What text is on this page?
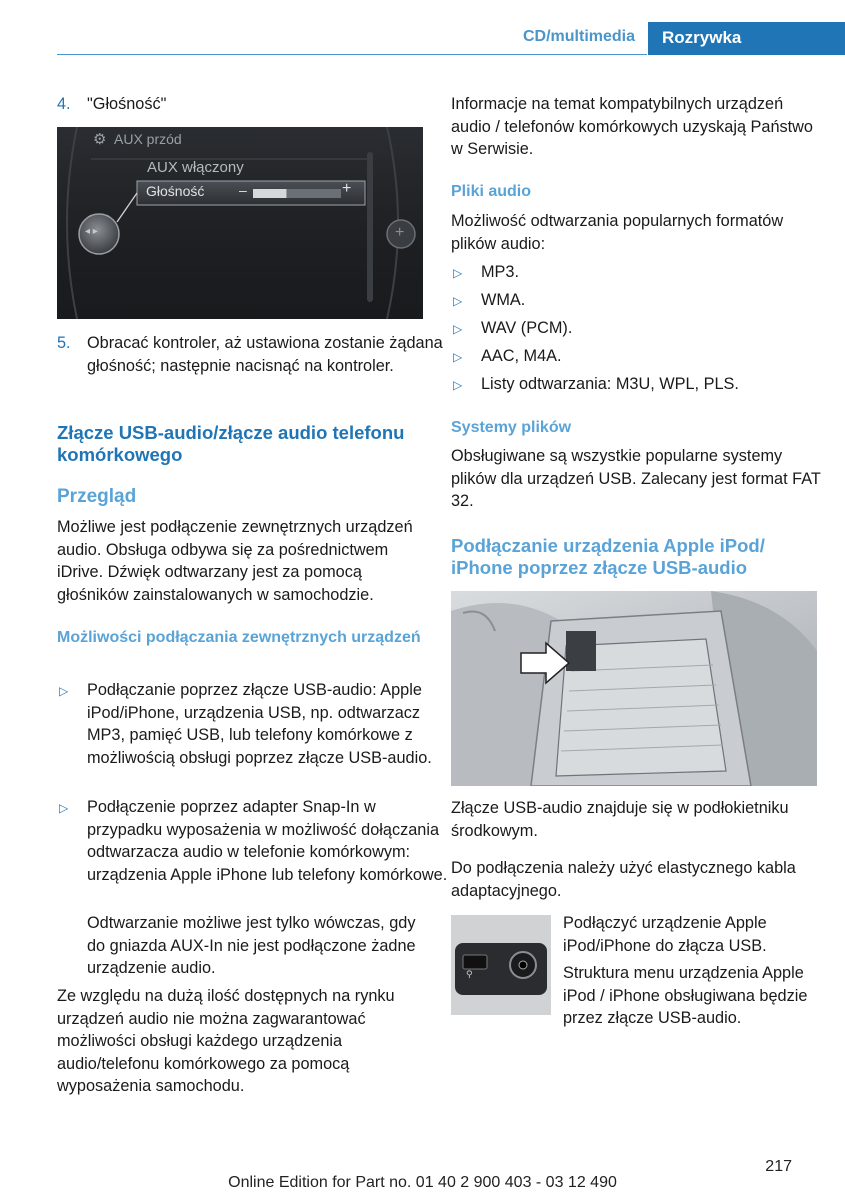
CD/multimedia	Rozrywka
4. "Głośność"
⚙ AUX przód
AUX włączony
Głośność –	+
◂ ▸	+
5. Obracać kontroler, aż ustawiona zostanie żądana głośność; następnie nacisnąć na kontroler.
Złącze USB-audio/złącze audio telefonu komórkowego
Przegląd

Możliwe jest podłączenie zewnętrznych urządzeń audio. Obsługa odbywa się za pośrednictwem iDrive. Dźwięk odtwarzany jest za pomocą głośników zainstalowanych w samochodzie.

Możliwości podłączania zewnętrznych urządzeń
▷ Podłączanie poprzez złącze USB-audio: Apple iPod/iPhone, urządzenia USB, np. odtwarzacz MP3, pamięć USB, lub telefony komórkowe z możliwością obsługi poprzez złącze USB-audio.
▷ Podłączenie poprzez adapter Snap-In w przypadku wyposażenia w możliwość dołączania odtwarzacza audio w telefonie komórkowym: urządzenia Apple iPhone lub telefony komórkowe.

Odtwarzanie możliwe jest tylko wówczas, gdy do gniazda AUX-In nie jest podłączone żadne urządzenie audio.

Ze względu na dużą ilość dostępnych na rynku urządzeń audio nie można zagwarantować możliwości obsługi każdego urządzenia audio/telefonu komórkowego za pomocą wyposażenia samochodu.

Informacje na temat kompatybilnych urządzeń audio / telefonów komórkowych uzyskają Państwo w Serwisie.

Pliki audio

Możliwość odtwarzania popularnych formatów plików audio:

▷ MP3.
▷ WMA.
▷ WAV (PCM).
▷ AAC, M4A.
▷ Listy odtwarzania: M3U, WPL, PLS.
Systemy plików

Obsługiwane są wszystkie popularne systemy plików dla urządzeń USB. Zalecany jest format FAT 32.

Podłączanie urządzenia Apple iPod/ iPhone poprzez złącze USB-audio

Złącze USB-audio znajduje się w podłokietniku środkowym.

Do podłączenia należy użyć elastycznego kabla adaptacyjnego.

⚲

Podłączyć urządzenie Apple iPod/iPhone do złącza USB.

Struktura menu urządzenia Apple iPod / iPhone obsługiwana będzie przez złącze USB-audio.

217
Online Edition for Part no. 01 40 2 900 403 - 03 12 490
